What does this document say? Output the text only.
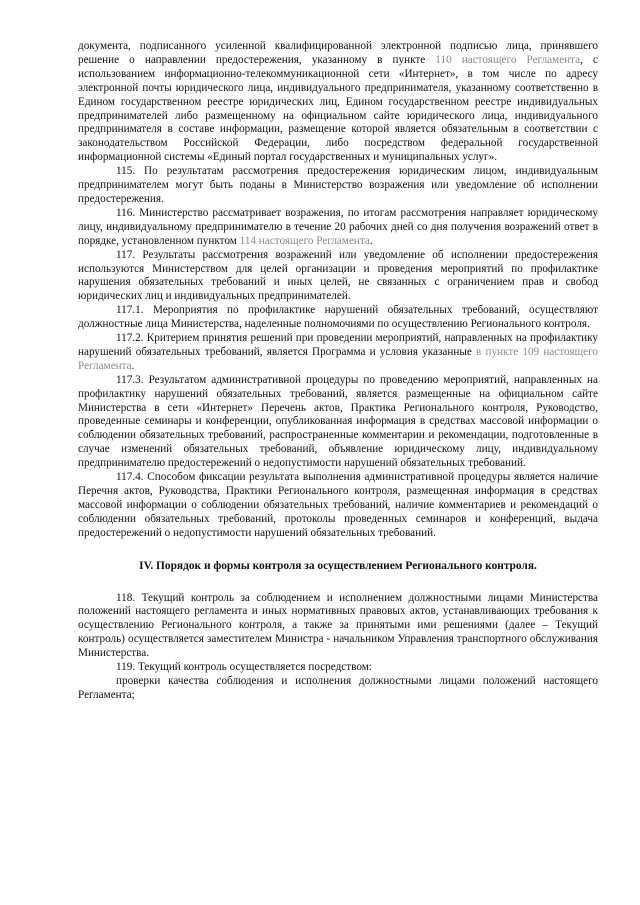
документа, подписанного усиленной квалифицированной электронной подписью лица, принявшего решение о направлении предостережения, указанному в пункте 110 настоящего Регламента, с использованием информационно-телекоммуникационной сети «Интернет», в том числе по адресу электронной почты юридического лица, индивидуального предпринимателя, указанному соответственно в Едином государственном реестре юридических лиц, Едином государственном реестре индивидуальных предпринимателей либо размещенному на официальном сайте юридического лица, индивидуального предпринимателя в составе информации, размещение которой является обязательным в соответствии с законодательством Российской Федерации, либо посредством федеральной государственной информационной системы «Единый портал государственных и муниципальных услуг».

115. По результатам рассмотрения предостережения юридическим лицом, индивидуальным предпринимателем могут быть поданы в Министерство возражения или уведомление об исполнении предостережения.

116. Министерство рассматривает возражения, по итогам рассмотрения направляет юридическому лицу, индивидуальному предпринимателю в течение 20 рабочих дней со дня получения возражений ответ в порядке, установленном пунктом 114 настоящего Регламента.

117. Результаты рассмотрения возражений или уведомление об исполнении предостережения используются Министерством для целей организации и проведения мероприятий по профилактике нарушения обязательных требований и иных целей, не связанных с ограничением прав и свобод юридических лиц и индивидуальных предпринимателей.

117.1. Мероприятия по профилактике нарушений обязательных требований, осуществляют должностные лица Министерства, наделенные полномочиями по осуществлению Регионального контроля.

117.2. Критерием принятия решений при проведении мероприятий, направленных на профилактику нарушений обязательных требований, является Программа и условия указанные в пункте 109 настоящего Регламента.

117.3. Результатом административной процедуры по проведению мероприятий, направленных на профилактику нарушений обязательных требований, является размещенные на официальном сайте Министерства в сети «Интернет» Перечень актов, Практика Регионального контроля, Руководство, проведенные семинары и конференции, опубликованная информация в средствах массовой информации о соблюдении обязательных требований, распространенные комментарии и рекомендации, подготовленные в случае изменений обязательных требований, объявление юридическому лицу, индивидуальному предпринимателю предостережений о недопустимости нарушений обязательных требований.

117.4. Способом фиксации результата выполнения административной процедуры является наличие Перечня актов, Руководства, Практики Регионального контроля, размещенная информация в средствах массовой информации о соблюдении обязательных требований, наличие комментариев и рекомендаций о соблюдении обязательных требований, протоколы проведенных семинаров и конференций, выдача предостережений о недопустимости нарушений обязательных требований.

IV. Порядок и формы контроля за осуществлением Регионального контроля.

118. Текущий контроль за соблюдением и исполнением должностными лицами Министерства положений настоящего регламента и иных нормативных правовых актов, устанавливающих требования к осуществлению Регионального контроля, а также за принятыми ими решениями (далее – Текущий контроль) осуществляется заместителем Министра - начальником Управления транспортного обслуживания Министерства.

119. Текущий контроль осуществляется посредством:

проверки качества соблюдения и исполнения должностными лицами положений настоящего Регламента;
